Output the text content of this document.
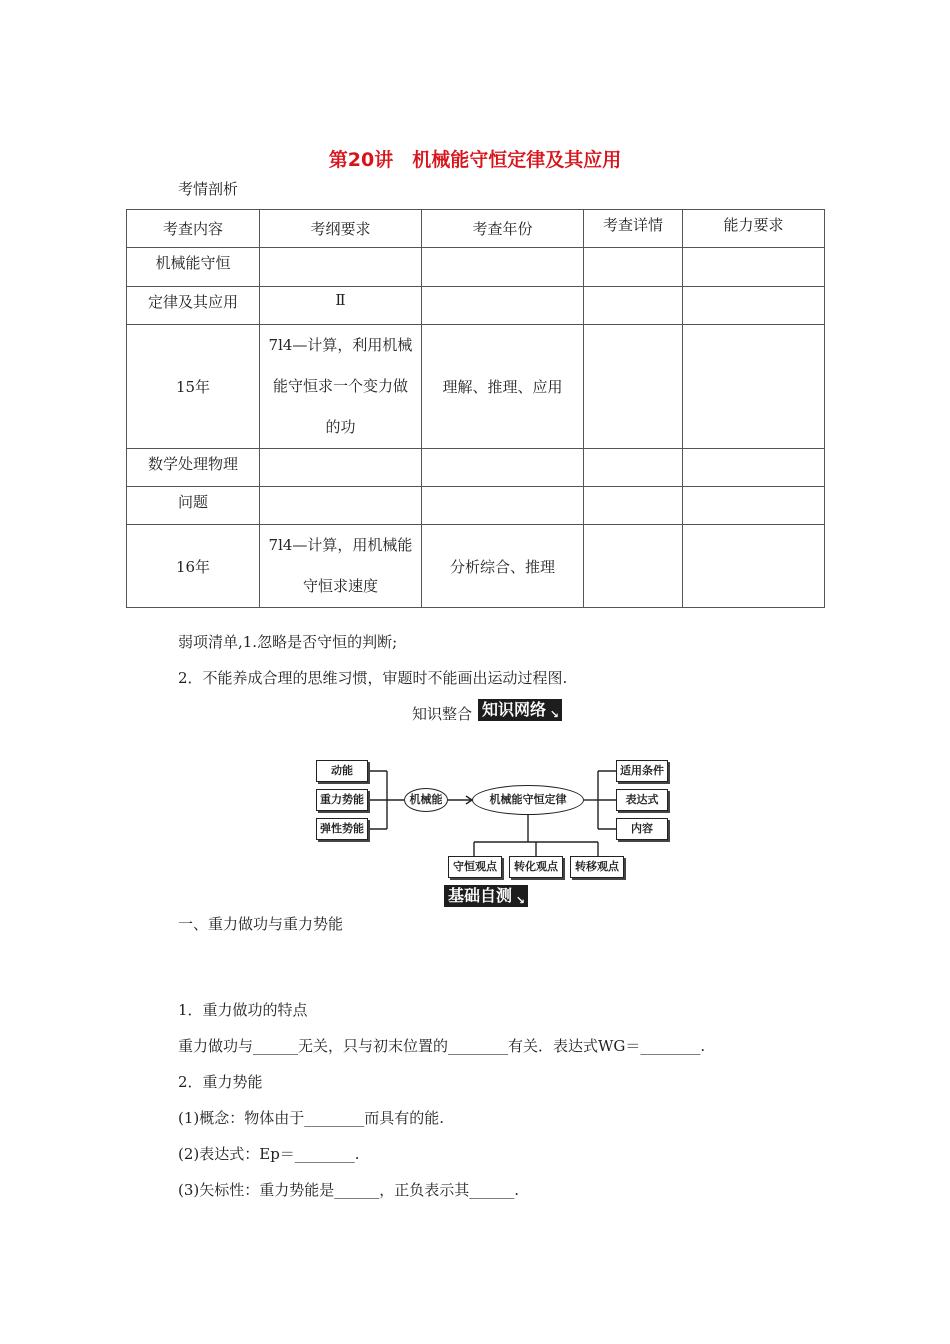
第20讲　机械能守恒定律及其应用
考情剖析
考查内容	考纲要求	考查年份	考查详情	能力要求
机械能守恒				
定律及其应用	Ⅱ			
15年	7l4—计算，利用机械能守恒求一个变力做的功	理解、推理、应用		
数学处理物理				
问题				
16年	7l4—计算，用机械能守恒求速度	分析综合、推理		
弱项清单,1.忽略是否守恒的判断;
2．不能养成合理的思维习惯，审题时不能画出运动过程图.
知识整合 知识网络 ↘
动能
重力势能
弹性势能
机械能	机械能守恒定律
适用条件
表达式
内容
守恒观点	转化观点	转移观点
基础自测 ↘
一、重力做功与重力势能
1．重力做功的特点
重力做功与______无关，只与初末位置的________有关．表达式WG＝________.
2．重力势能
(1)概念：物体由于________而具有的能.
(2)表达式：Ep＝________.
(3)矢标性：重力势能是______，正负表示其______.
